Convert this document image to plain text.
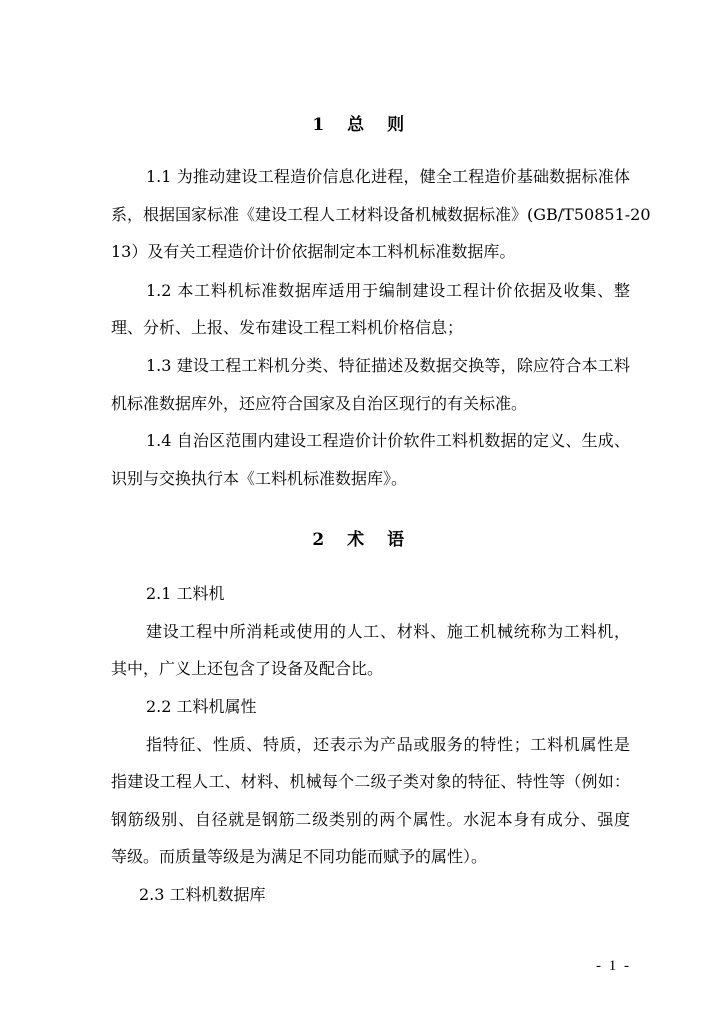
1 总 则
1.1 为推动建设工程造价信息化进程，健全工程造价基础数据标准体
系，根据国家标准《建设工程人工材料设备机械数据标准》(GB/T50851-20
13）及有关工程造价计价依据制定本工料机标准数据库。
1.2 本工料机标准数据库适用于编制建设工程计价依据及收集、整
理、分析、上报、发布建设工程工料机价格信息；
1.3 建设工程工料机分类、特征描述及数据交换等，除应符合本工料
机标准数据库外，还应符合国家及自治区现行的有关标准。
1.4 自治区范围内建设工程造价计价软件工料机数据的定义、生成、
识别与交换执行本《工料机标准数据库》。
2 术 语
2.1 工料机
建设工程中所消耗或使用的人工、材料、施工机械统称为工料机，
其中，广义上还包含了设备及配合比。
2.2 工料机属性
指特征、性质、特质，还表示为产品或服务的特性；工料机属性是
指建设工程人工、材料、机械每个二级子类对象的特征、特性等（例如：
钢筋级别、自径就是钢筋二级类别的两个属性。水泥本身有成分、强度
等级。而质量等级是为满足不同功能而赋予的属性）。
2.3 工料机数据库
- 1 -
